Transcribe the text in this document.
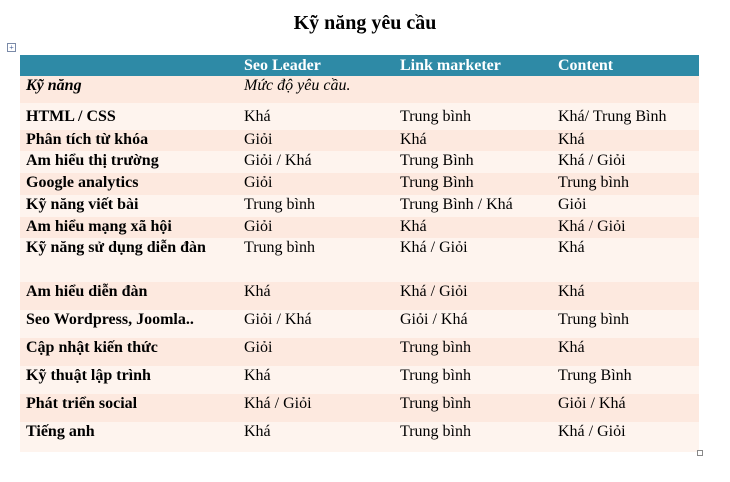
Kỹ năng yêu cầu
+
	Seo Leader	Link marketer	Content
Kỹ năng	Mức độ yêu cầu.		
HTML / CSS	Khá	Trung bình	Khá/ Trung Bình
Phân tích từ khóa	Giỏi	Khá	Khá
Am hiểu thị trường	Giỏi / Khá	Trung Bình	Khá / Giỏi
Google analytics	Giỏi	Trung Bình	Trung bình
Kỹ năng viết bài	Trung bình	Trung Bình / Khá	Giỏi
Am hiểu mạng xã hội	Giỏi	Khá	Khá / Giỏi
Kỹ năng sử dụng diễn đàn	Trung bình	Khá / Giỏi	Khá
Am hiểu diễn đàn	Khá	Khá / Giỏi	Khá
Seo Wordpress, Joomla..	Giỏi / Khá	Giỏi / Khá	Trung bình
Cập nhật kiến thức	Giỏi	Trung bình	Khá
Kỹ thuật lập trình	Khá	Trung bình	Trung Bình
Phát triển social	Khá / Giỏi	Trung bình	Giỏi / Khá
Tiếng anh	Khá	Trung bình	Khá / Giỏi
